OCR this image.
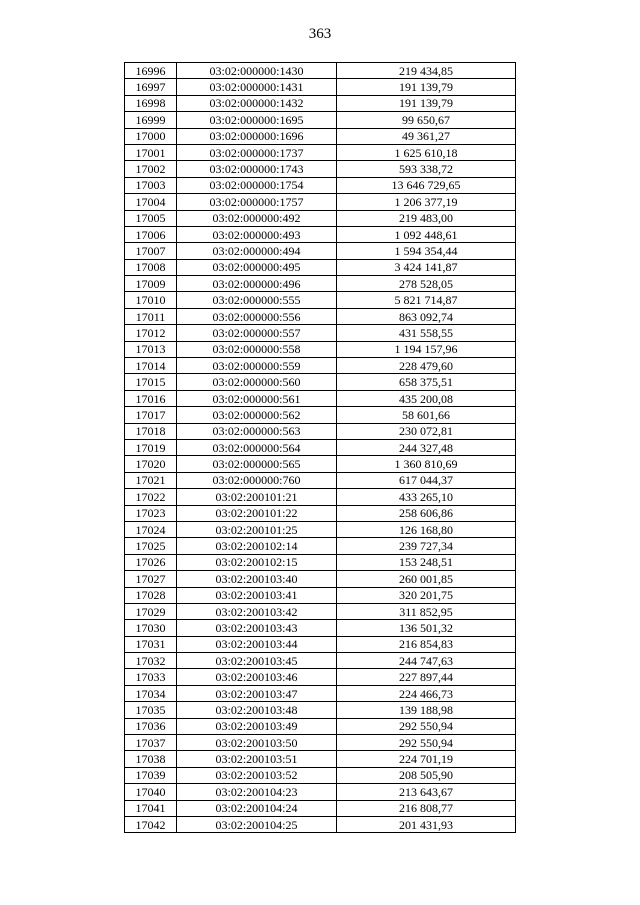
363
16996	03:02:000000:1430	219 434,85
16997	03:02:000000:1431	191 139,79
16998	03:02:000000:1432	191 139,79
16999	03:02:000000:1695	99 650,67
17000	03:02:000000:1696	49 361,27
17001	03:02:000000:1737	1 625 610,18
17002	03:02:000000:1743	593 338,72
17003	03:02:000000:1754	13 646 729,65
17004	03:02:000000:1757	1 206 377,19
17005	03:02:000000:492	219 483,00
17006	03:02:000000:493	1 092 448,61
17007	03:02:000000:494	1 594 354,44
17008	03:02:000000:495	3 424 141,87
17009	03:02:000000:496	278 528,05
17010	03:02:000000:555	5 821 714,87
17011	03:02:000000:556	863 092,74
17012	03:02:000000:557	431 558,55
17013	03:02:000000:558	1 194 157,96
17014	03:02:000000:559	228 479,60
17015	03:02:000000:560	658 375,51
17016	03:02:000000:561	435 200,08
17017	03:02:000000:562	58 601,66
17018	03:02:000000:563	230 072,81
17019	03:02:000000:564	244 327,48
17020	03:02:000000:565	1 360 810,69
17021	03:02:000000:760	617 044,37
17022	03:02:200101:21	433 265,10
17023	03:02:200101:22	258 606,86
17024	03:02:200101:25	126 168,80
17025	03:02:200102:14	239 727,34
17026	03:02:200102:15	153 248,51
17027	03:02:200103:40	260 001,85
17028	03:02:200103:41	320 201,75
17029	03:02:200103:42	311 852,95
17030	03:02:200103:43	136 501,32
17031	03:02:200103:44	216 854,83
17032	03:02:200103:45	244 747,63
17033	03:02:200103:46	227 897,44
17034	03:02:200103:47	224 466,73
17035	03:02:200103:48	139 188,98
17036	03:02:200103:49	292 550,94
17037	03:02:200103:50	292 550,94
17038	03:02:200103:51	224 701,19
17039	03:02:200103:52	208 505,90
17040	03:02:200104:23	213 643,67
17041	03:02:200104:24	216 808,77
17042	03:02:200104:25	201 431,93
